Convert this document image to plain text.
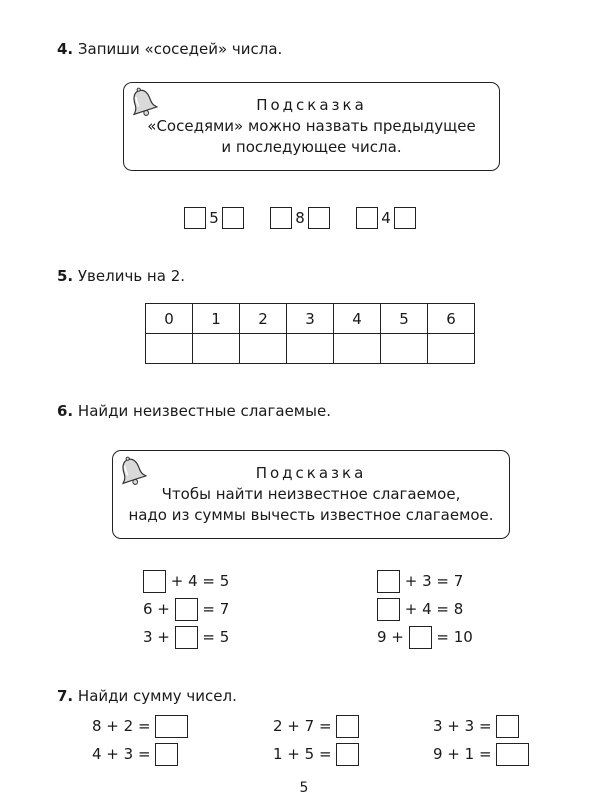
4. Запиши «соседей» числа.
Подсказка
«Соседями» можно назвать предыдущее
и последующее числа.
5	8	4
5. Увеличь на 2.
0	1	2	3	4	5	6

6. Найди неизвестные слагаемые.
Подсказка
Чтобы найти неизвестное слагаемое,
надо из суммы вычесть известное слагаемое.
+ 4 = 5
6 + = 7
3 + = 5
+ 3 = 7
+ 4 = 8
9 + = 10
7. Найди сумму чисел.
8 + 2 =
4 + 3 =
2 + 7 =
1 + 5 =
3 + 3 =
9 + 1 =
5
